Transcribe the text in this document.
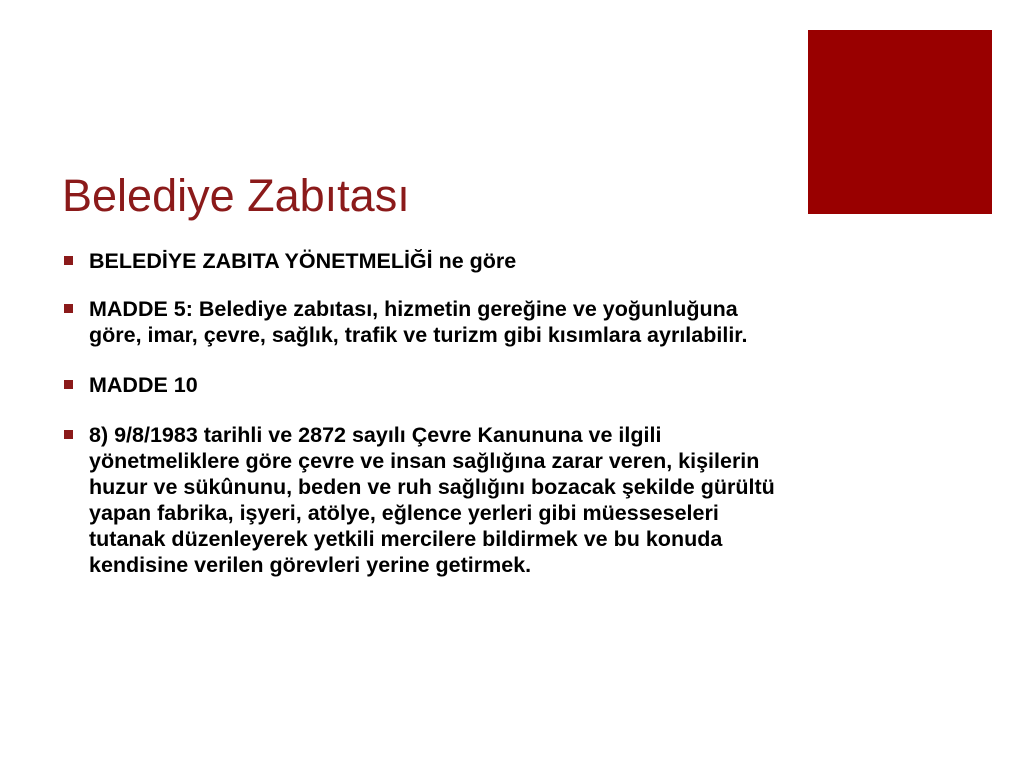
Belediye Zabıtası
BELEDİYE ZABITA YÖNETMELİĞİ ne göre
MADDE 5: Belediye zabıtası, hizmetin gereğine ve yoğunluğuna göre, imar, çevre, sağlık, trafik ve turizm gibi kısımlara ayrılabilir.
MADDE 10
8) 9/8/1983 tarihli ve 2872 sayılı Çevre Kanununa ve ilgili yönetmeliklere göre çevre ve insan sağlığına zarar veren, kişilerin huzur ve sükûnunu, beden ve ruh sağlığını bozacak şekilde gürültü yapan fabrika, işyeri, atölye, eğlence yerleri gibi müesseseleri tutanak düzenleyerek yetkili mercilere bildirmek ve bu konuda kendisine verilen görevleri yerine getirmek.
